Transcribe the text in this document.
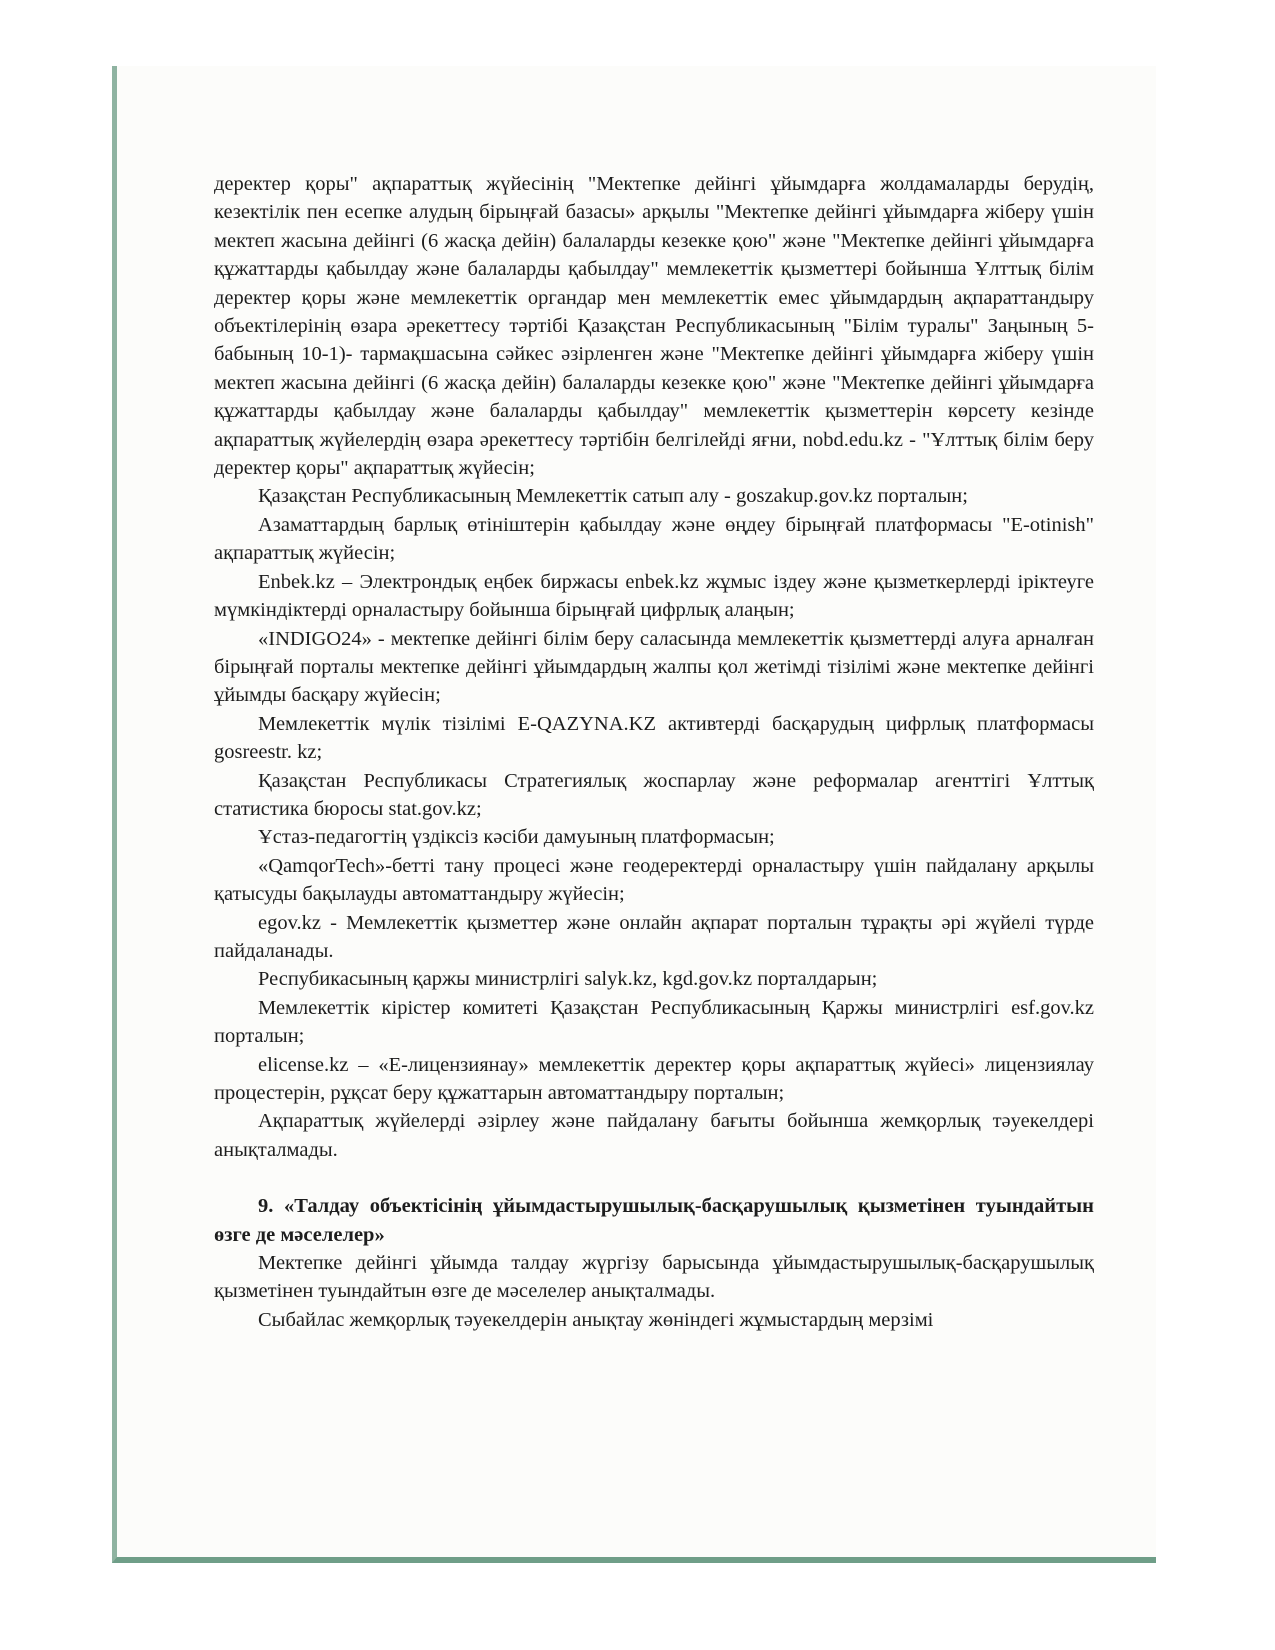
деректер қоры" ақпараттық жүйесінің "Мектепке дейінгі ұйымдарға жолдамаларды берудің, кезектілік пен есепке алудың бірыңғай базасы» арқылы "Мектепке дейінгі ұйымдарға жіберу үшін мектеп жасына дейінгі (6 жасқа дейін) балаларды кезекке қою" және "Мектепке дейінгі ұйымдарға құжаттарды қабылдау және балаларды қабылдау" мемлекеттік қызметтері бойынша Ұлттық білім деректер қоры және мемлекеттік органдар мен мемлекеттік емес ұйымдардың ақпараттандыру объектілерінің өзара әрекеттесу тәртібі Қазақстан Республикасының "Білім туралы" Заңының 5-бабының 10-1)- тармақшасына сәйкес әзірленген және "Мектепке дейінгі ұйымдарға жіберу үшін мектеп жасына дейінгі (6 жасқа дейін) балаларды кезекке қою" және "Мектепке дейінгі ұйымдарға құжаттарды қабылдау және балаларды қабылдау" мемлекеттік қызметтерін көрсету кезінде ақпараттық жүйелердің өзара әрекеттесу тәртібін белгілейді яғни, nobd.edu.kz - "Ұлттық білім беру деректер қоры" ақпараттық жүйесін;

Қазақстан Республикасының Мемлекеттік сатып алу - goszakup.gov.kz порталын;

Азаматтардың барлық өтініштерін қабылдау және өңдеу бірыңғай платформасы "E-otinish" ақпараттық жүйесін;

Enbek.kz – Электрондық еңбек биржасы enbek.kz жұмыс іздеу және қызметкерлерді іріктеуге мүмкіндіктерді орналастыру бойынша бірыңғай цифрлық алаңын;

«INDIGO24» - мектепке дейінгі білім беру саласында мемлекеттік қызметтерді алуға арналған бірыңғай порталы мектепке дейінгі ұйымдардың жалпы қол жетімді тізілімі және мектепке дейінгі ұйымды басқару жүйесін;

Мемлекеттік мүлік тізілімі E-QAZYNA.KZ активтерді басқарудың цифрлық платформасы gosreestr. kz;

Қазақстан Республикасы Стратегиялық жоспарлау және реформалар агенттігі Ұлттық статистика бюросы stat.gov.kz;

Ұстаз-педагогтің үздіксіз кәсіби дамуының платформасын;

«QamqorTech»-бетті тану процесі және геодеректерді орналастыру үшін пайдалану арқылы қатысуды бақылауды автоматтандыру жүйесін;

egov.kz - Мемлекеттік қызметтер және онлайн ақпарат порталын тұрақты әрі жүйелі түрде пайдаланады.

Респубикасының қаржы министрлігі salyk.kz, kgd.gov.kz порталдарын;

Мемлекеттік кірістер комитеті Қазақстан Республикасының Қаржы министрлігі esf.gov.kz порталын;

elicense.kz – «Е-лицензиянау» мемлекеттік деректер қоры ақпараттық жүйесі» лицензиялау процестерін, рұқсат беру құжаттарын автоматтандыру порталын;

Ақпараттық жүйелерді әзірлеу және пайдалану бағыты бойынша жемқорлық тәуекелдері анықталмады.

9. «Талдау объектісінің ұйымдастырушылық-басқарушылық қызметінен туындайтын өзге де мәселелер»

Мектепке дейінгі ұйымда талдау жүргізу барысында ұйымдастырушылық-басқарушылық қызметінен туындайтын өзге де мәселелер анықталмады.

Сыбайлас жемқорлық тәуекелдерін анықтау жөніндегі жұмыстардың мерзімі
